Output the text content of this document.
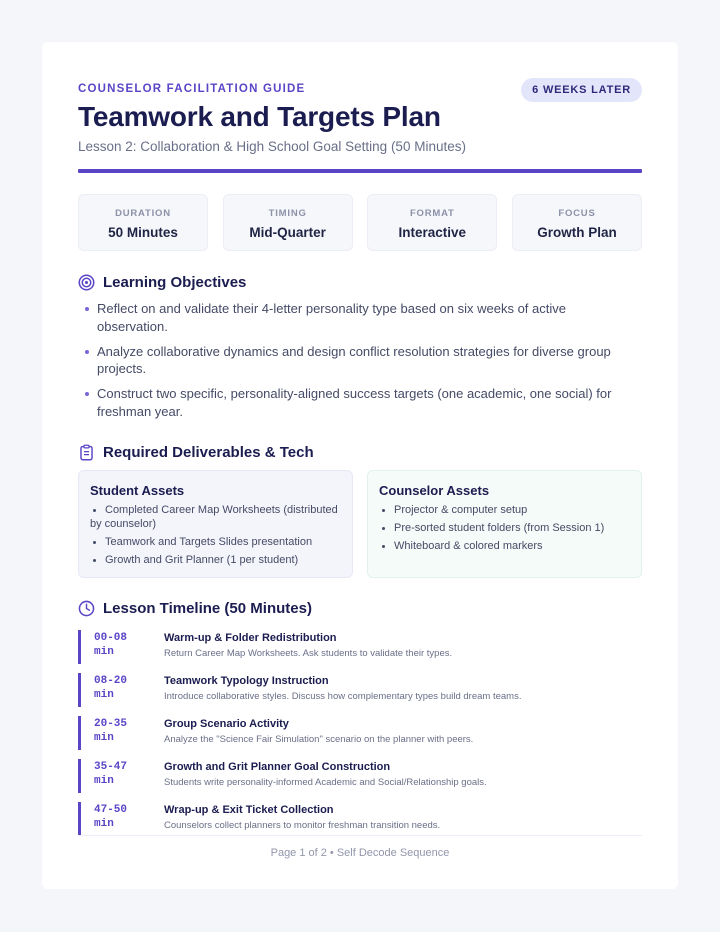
COUNSELOR FACILITATION GUIDE	6 WEEKS LATER
Teamwork and Targets Plan
Lesson 2: Collaboration & High School Goal Setting (50 Minutes)
DURATION
50 Minutes
TIMING
Mid-Quarter
FORMAT
Interactive
FOCUS
Growth Plan
Learning Objectives
Reflect on and validate their 4-letter personality type based on six weeks of active observation.
Analyze collaborative dynamics and design conflict resolution strategies for diverse group projects.
Construct two specific, personality-aligned success targets (one academic, one social) for freshman year.
Required Deliverables & Tech
Student Assets
Completed Career Map Worksheets (distributed by counselor)
Teamwork and Targets Slides presentation
Growth and Grit Planner (1 per student)
Counselor Assets
Projector & computer setup
Pre-sorted student folders (from Session 1)
Whiteboard & colored markers
Lesson Timeline (50 Minutes)
00-08
min
Warm-up & Folder Redistribution
Return Career Map Worksheets. Ask students to validate their types.
08-20
min
Teamwork Typology Instruction
Introduce collaborative styles. Discuss how complementary types build dream teams.
20-35
min
Group Scenario Activity
Analyze the "Science Fair Simulation" scenario on the planner with peers.
35-47
min
Growth and Grit Planner Goal Construction
Students write personality-informed Academic and Social/Relationship goals.
47-50
min
Wrap-up & Exit Ticket Collection
Counselors collect planners to monitor freshman transition needs.
Page 1 of 2 • Self Decode Sequence
